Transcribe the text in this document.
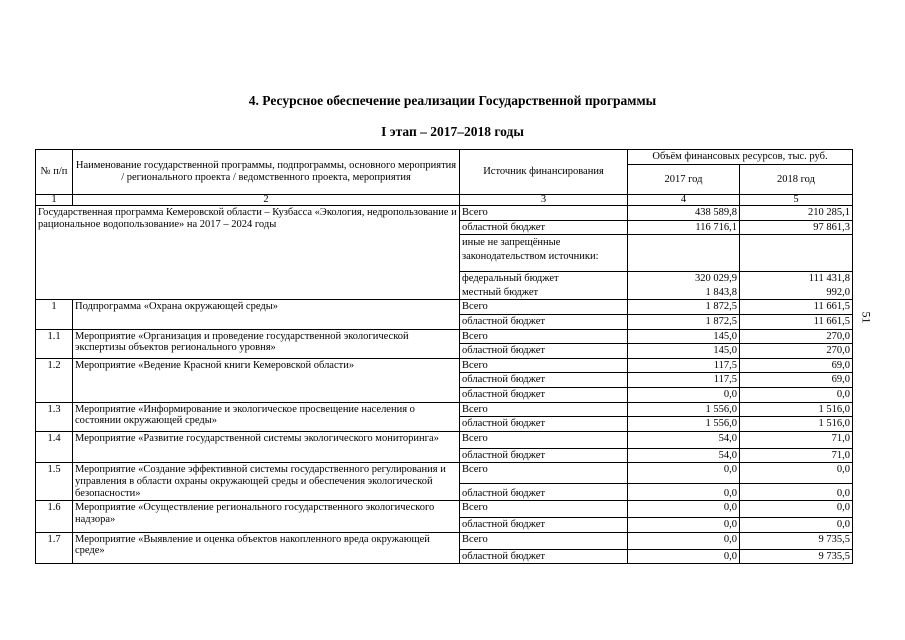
4. Ресурсное обеспечение реализации Государственной программы
I этап – 2017–2018 годы
51
№ п/п	Наименование государственной программы, подпрограммы, основного мероприятия / регионального проекта / ведомственного проекта, мероприятия	Источник финансирования	Объём финансовых ресурсов, тыс. руб.	
			2017 год	2018 год
1	2	3	4	5
Государственная программа Кемеровской области – Кузбасса «Экология, недропользование и рациональное водопользование» на 2017 – 2024 годы		Всего	438 589,8	210 285,1
		областной бюджет	116 716,1	97 861,3
		иные не запрещённые законодательством источники:		
		федеральный бюджет	320 029,9	111 431,8
		местный бюджет	1 843,8	992,0
1	Подпрограмма «Охрана окружающей среды»	Всего	1 872,5	11 661,5
		областной бюджет	1 872,5	11 661,5
1.1	Мероприятие «Организация и проведение государственной экологической экспертизы объектов регионального уровня»	Всего	145,0	270,0
		областной бюджет	145,0	270,0
1.2	Мероприятие «Ведение Красной книги Кемеровской области»	Всего	117,5	69,0
		областной бюджет	117,5	69,0
		областной бюджет	0,0	0,0
1.3	Мероприятие «Информирование и экологическое просвещение населения о состоянии окружающей среды»	Всего	1 556,0	1 516,0
		областной бюджет	1 556,0	1 516,0
1.4	Мероприятие «Развитие государственной системы экологического мониторинга»	Всего	54,0	71,0
		областной бюджет	54,0	71,0
1.5	Мероприятие «Создание эффективной системы государственного регулирования и управления в области охраны окружающей среды и обеспечения экологической безопасности»	Всего	0,0	0,0
		областной бюджет	0,0	0,0
1.6	Мероприятие «Осуществление регионального государственного экологического надзора»	Всего	0,0	0,0
		областной бюджет	0,0	0,0
1.7	Мероприятие «Выявление и оценка объектов накопленного вреда окружающей среде»	Всего	0,0	9 735,5
		областной бюджет	0,0	9 735,5
